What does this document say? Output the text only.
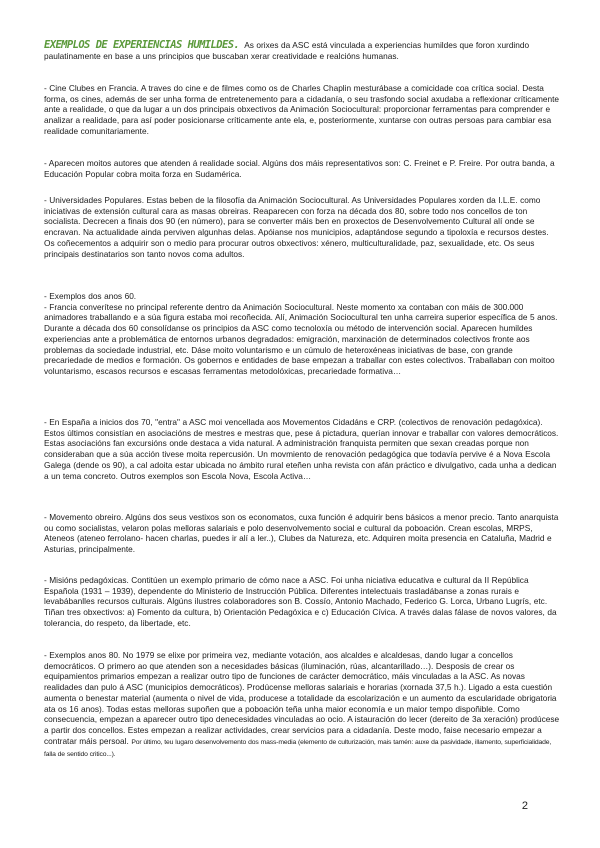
EXEMPLOS DE EXPERIENCIAS HUMILDES. As orixes da ASC está vinculada a experiencias humildes que foron xurdindo paulatinamente en base a uns principios que buscaban xerar creatividade e realcións humanas.

- Cine Clubes en Francia. A traves do cine e de filmes como os de Charles Chaplin mesturábase a comicidade coa crítica social. Desta forma, os cines, además de ser unha forma de entretenemento para a cidadanía, o seu trasfondo social axudaba a reflexionar críticamente ante a realidade, o que da lugar a un dos principais obxectivos da Animación Sociocultural: proporcionar ferramentas para comprender e analizar a realidade, para así poder posicionarse críticamente ante ela, e, posteriormente, xuntarse con outras persoas para cambiar esa realidade comunitariamente.

- Aparecen moitos autores que atenden á realidade social. Algúns dos máis representativos son: C. Freinet e P. Freire. Por outra banda, a Educación Popular cobra moita forza en Sudamérica.

- Universidades Populares. Estas beben de la filosofía da Animación Sociocultural. As Universidades Populares xorden da I.L.E. como iniciativas de extensión cultural cara as masas obreiras. Reaparecen con forza na década dos 80, sobre todo nos concellos de ton socialista. Decrecen a finais dos 90 (en número), para se converter máis ben en proxectos de Desenvolvemento Cultural alí onde se encravan. Na actualidade ainda perviven algunhas delas. Apóianse nos municipios, adaptándose segundo a tipoloxía e recursos destes. Os coñecementos a adquirir son o medio para procurar outros obxectivos: xénero, multiculturalidade, paz, sexualidade, etc. Os seus principais destinatarios son tanto novos coma adultos.

- Exemplos dos anos 60.
- Francia converítese no principal referente dentro da Animación Sociocultural. Neste momento xa contaban con máis de 300.000 animadores traballando e a súa figura estaba moi recoñecida. Alí, Animación Sociocultural ten unha carreira superior específica de 5 anos. Durante a década dos 60 consolídanse os principios da ASC como tecnoloxía ou método de intervención social. Aparecen humildes experiencias ante a problemática de entornos urbanos degradados: emigración, marxinación de determinados colectivos fronte aos problemas da sociedade industrial, etc. Dáse moito voluntarismo e un cúmulo de heteroxéneas iniciativas de base, con grande precariedade de medios e formación. Os gobernos e entidades de base empezan a traballar con estes colectivos. Traballaban con moitoo voluntarismo, escasos recursos e escasas ferramentas metodolóxicas, precariedade formativa…

- En España a inicios dos 70, "entra" a ASC moi vencellada aos Movementos Cidadáns e CRP. (colectivos de renovación pedagóxica). Estos últimos consistían en asociacións de mestres e mestras que, pese á pictadura, querían innovar e traballar con valores democráticos. Estas asociacións fan excursións onde destaca a vida natural. A administración franquista permiten que sexan creadas porque non consideraban que a súa acción tivese moita repercusión. Un movmiento de renovación pedagógica que todavía pervive é a Nova Escola Galega (dende os 90), a cal adoita estar ubicada no ámbito rural eteñen unha revista con afán práctico e divulgativo, cada unha a dedican a un tema concreto. Outros exemplos son Escola Nova, Escola Activa…

- Movemento obreiro. Algúns dos seus vestixos son os economatos, cuxa función é adquirir bens básicos a menor precio. Tanto anarquista ou como socialistas, velaron polas melloras salariais e polo desenvolvemento social e cultural da poboación. Crean escolas, MRPS, Ateneos (ateneo ferrolano- hacen charlas, puedes ir alí a ler..), Clubes da Natureza, etc. Adquiren moita presencia en Cataluña, Madrid e Asturias, principalmente.

- Misións pedagóxicas. Contitúen un exemplo primario de cómo nace a ASC. Foi unha niciativa educativa e cultural da II República Española (1931 – 1939), dependente do Ministerio de Instrucción Pública. Diferentes intelectuais trasladábanse a zonas rurais e levabábanlles recursos culturais. Algúns ilustres colaboradores son B. Cossío, Antonio Machado, Federico G. Lorca, Urbano Lugrís, etc. Tiñan tres obxectivos: a) Fomento da cultura, b) Orientación Pedagóxica e c) Educación Cívica. A través dalas fálase de novos valores, da tolerancia, do respeto, da libertade, etc.

- Exemplos anos 80. No 1979 se elixe por primeira vez, mediante votación, aos alcaldes e alcaldesas, dando lugar a concellos democráticos. O primero ao que atenden son a necesidades básicas (iluminación, rúas, alcantarillado…). Desposis de crear os equipamientos primarios empezan a realizar outro tipo de funciones de carácter democrático, máis vinculadas a la ASC. As novas realidades dan pulo á ASC (municipios democráticos). Prodúcense melloras salariais e horarias (xornada 37,5 h.). Ligado a esta cuestión aumenta o benestar material (aumenta o nivel de vida, producese a totalidade da escolarización e un aumento da escularidade obrigatoria ata os 16 anos). Todas estas melloras supoñen que a poboación teña unha maior economía e un maior tempo dispoñible. Como consecuencia, empezan a aparecer outro tipo denecesidades vinculadas ao ocio. A istauración do lecer (dereito de 3a xeración) prodúcese a partir dos concellos. Estes empezan a realizar actividades, crear servicios para a cidadanía. Deste modo, faise necesario empezar a contratar máis persoal. Por último, teu lugaro desenvolvemento dos mass-media (elemento de culturización, mais tamén: auxe da pasividade, illamento, superficialidade, falla de sentido critico...).

2
